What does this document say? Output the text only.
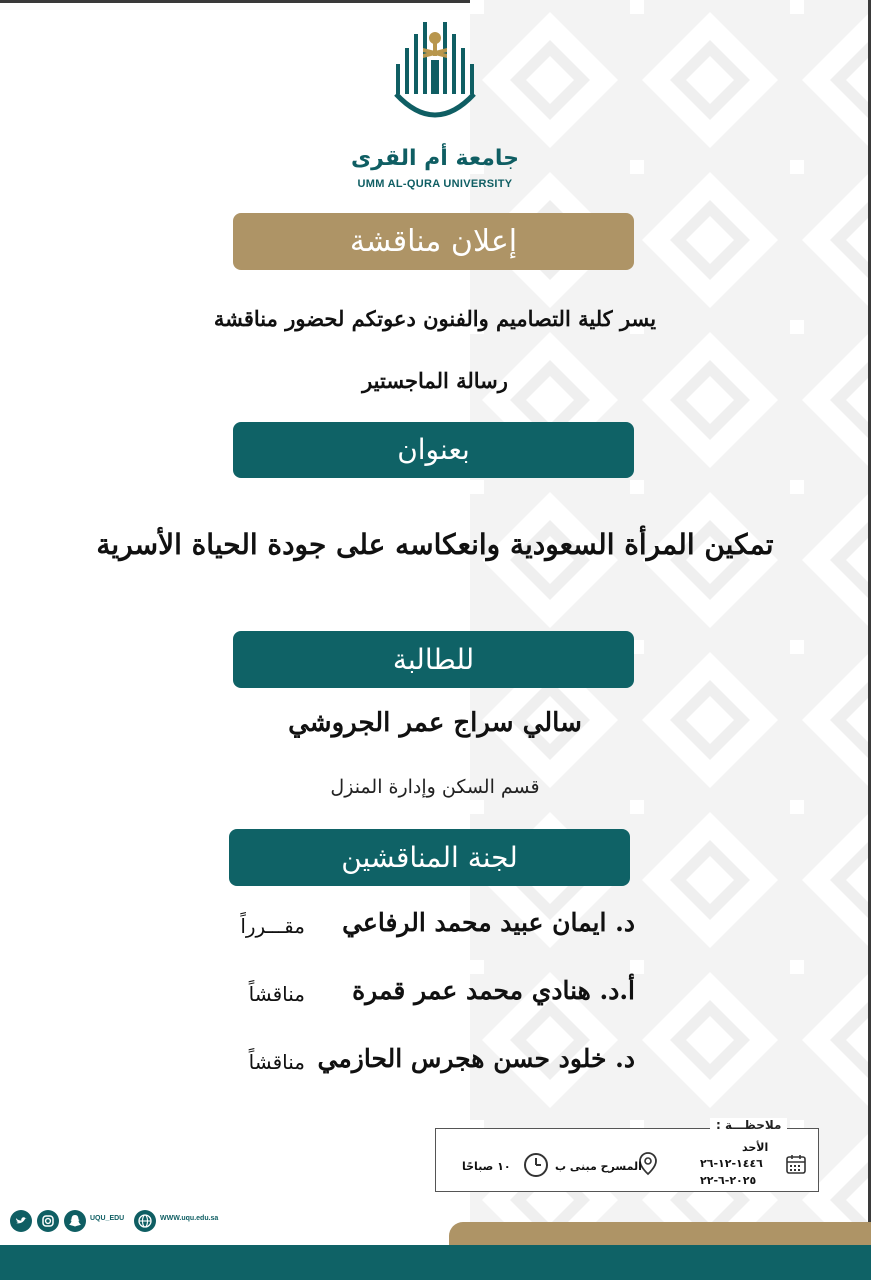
جامعة أم القرى
UMM AL-QURA UNIVERSITY
إعلان مناقشة
يسر كلية التصاميم والفنون دعوتكم لحضور مناقشة
رسالة الماجستير
بعنوان
تمكين المرأة السعودية وانعكاسه على جودة الحياة الأسرية
للطالبة
سالي سراج عمر الجروشي
قسم السكن وإدارة المنزل
لجنة المناقشين
د. ايمان عبيد محمد الرفاعي
مقـــرراً
أ.د. هنادي محمد عمر قمرة
مناقشاً
د. خلود حسن هجرس الحازمي
مناقشاً
ملاحظـــة :
الأحد
١٤٤٦-١٢-٢٦
٢٠٢٥-٦-٢٢
المسرح مبنى ب
١٠ صباحًا
UQU_EDU	WWW.uqu.edu.sa
